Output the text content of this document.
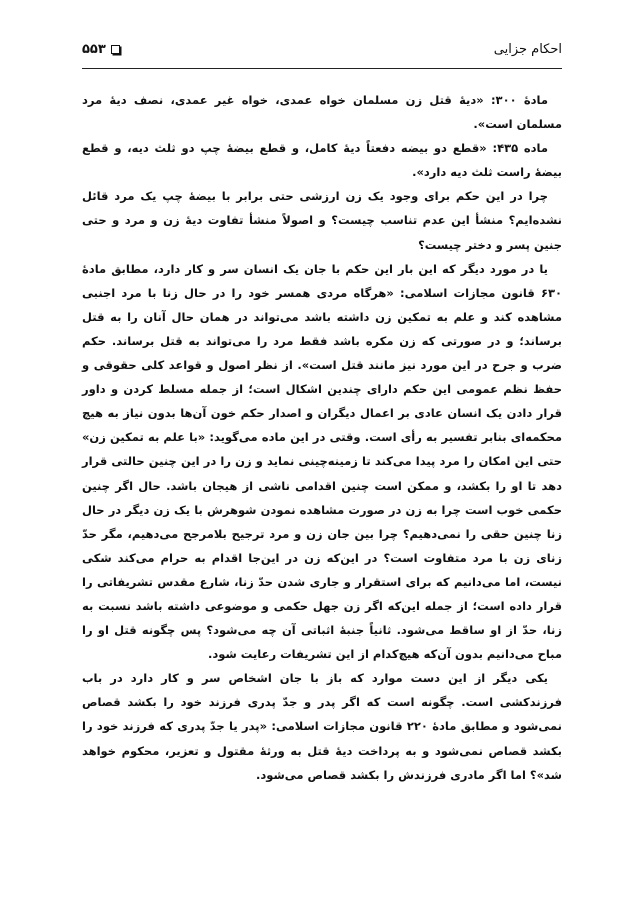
احکام جزایی
۵۵۳

مادهٔ ۳۰۰: «دیهٔ قتل زن مسلمان خواه عمدی، خواه غیر عمدی، نصف دیهٔ مرد مسلمان است».

ماده ۴۳۵: «قطع دو بیضه دفعتاً دیهٔ کامل، و قطع بیضهٔ چپ دو ثلث دیه، و قطع بیضهٔ راست ثلث دیه دارد».

چرا در این حکم برای وجود یک زن ارزشی حتی برابر با بیضهٔ چپ یک مرد قائل نشده‌ایم؟ منشأ این عدم تناسب چیست؟ و اصولاً منشأ تفاوت دیهٔ زن و مرد و حتی جنین پسر و دختر چیست؟

یا در مورد دیگر که این بار این حکم با جان یک انسان سر و کار دارد، مطابق مادهٔ ۶۳۰ قانون مجازات اسلامی: «هرگاه مردی همسر خود را در حال زنا با مرد اجنبی مشاهده کند و علم به تمکین زن داشته باشد می‌تواند در همان حال آنان را به قتل برساند؛ و در صورتی که زن مکره باشد فقط مرد را می‌تواند به قتل برساند. حکم ضرب و جرح در این مورد نیز مانند قتل است». از نظر اصول و قواعد کلی حقوقی و حفظ نظم عمومی این حکم دارای چندین اشکال است؛ از جمله مسلط کردن و داور قرار دادن یک انسان عادی بر اعمال دیگران و اصدار حکم خون آن‌ها بدون نیاز به هیچ محکمه‌ای بنابر تفسیر به رأی است. وقتی در این ماده می‌گوید: «با علم به تمکین زن» حتی این امکان را مرد پیدا می‌کند تا زمینه‌چینی نماید و زن را در این چنین حالتی قرار دهد تا او را بکشد، و ممکن است چنین اقدامی ناشی از هیجان باشد. حال اگر چنین حکمی خوب است چرا به زن در صورت مشاهده نمودن شوهرش با یک زن دیگر در حال زنا چنین حقی را نمی‌دهیم؟ چرا بین جان زن و مرد ترجیح بلامرجح می‌دهیم، مگر حدّ زنای زن با مرد متفاوت است؟ در این‌که زن در این‌جا اقدام به حرام می‌کند شکی نیست، اما می‌دانیم که برای استقرار و جاری شدن حدّ زنا، شارع مقدس تشریفاتی را قرار داده است؛ از جمله این‌که اگر زن جهل حکمی و موضوعی داشته باشد نسبت به زنا، حدّ از او ساقط می‌شود. ثانیاً جنبهٔ اثباتی آن چه می‌شود؟ پس چگونه قتل او را مباح می‌دانیم بدون آن‌که هیچ‌کدام از این تشریفات رعایت شود.

یکی دیگر از این دست موارد که باز با جان اشخاص سر و کار دارد در باب فرزندکشی است. چگونه است که اگر پدر و جدّ پدری فرزند خود را بکشد قصاص نمی‌شود و مطابق مادهٔ ۲۲۰ قانون مجازات اسلامی: «پدر یا جدّ پدری که فرزند خود را بکشد قصاص نمی‌شود و به پرداخت دیهٔ قتل به ورثهٔ مقتول و تعزیر، محکوم خواهد شد»؟ اما اگر مادری فرزندش را بکشد قصاص می‌شود.
